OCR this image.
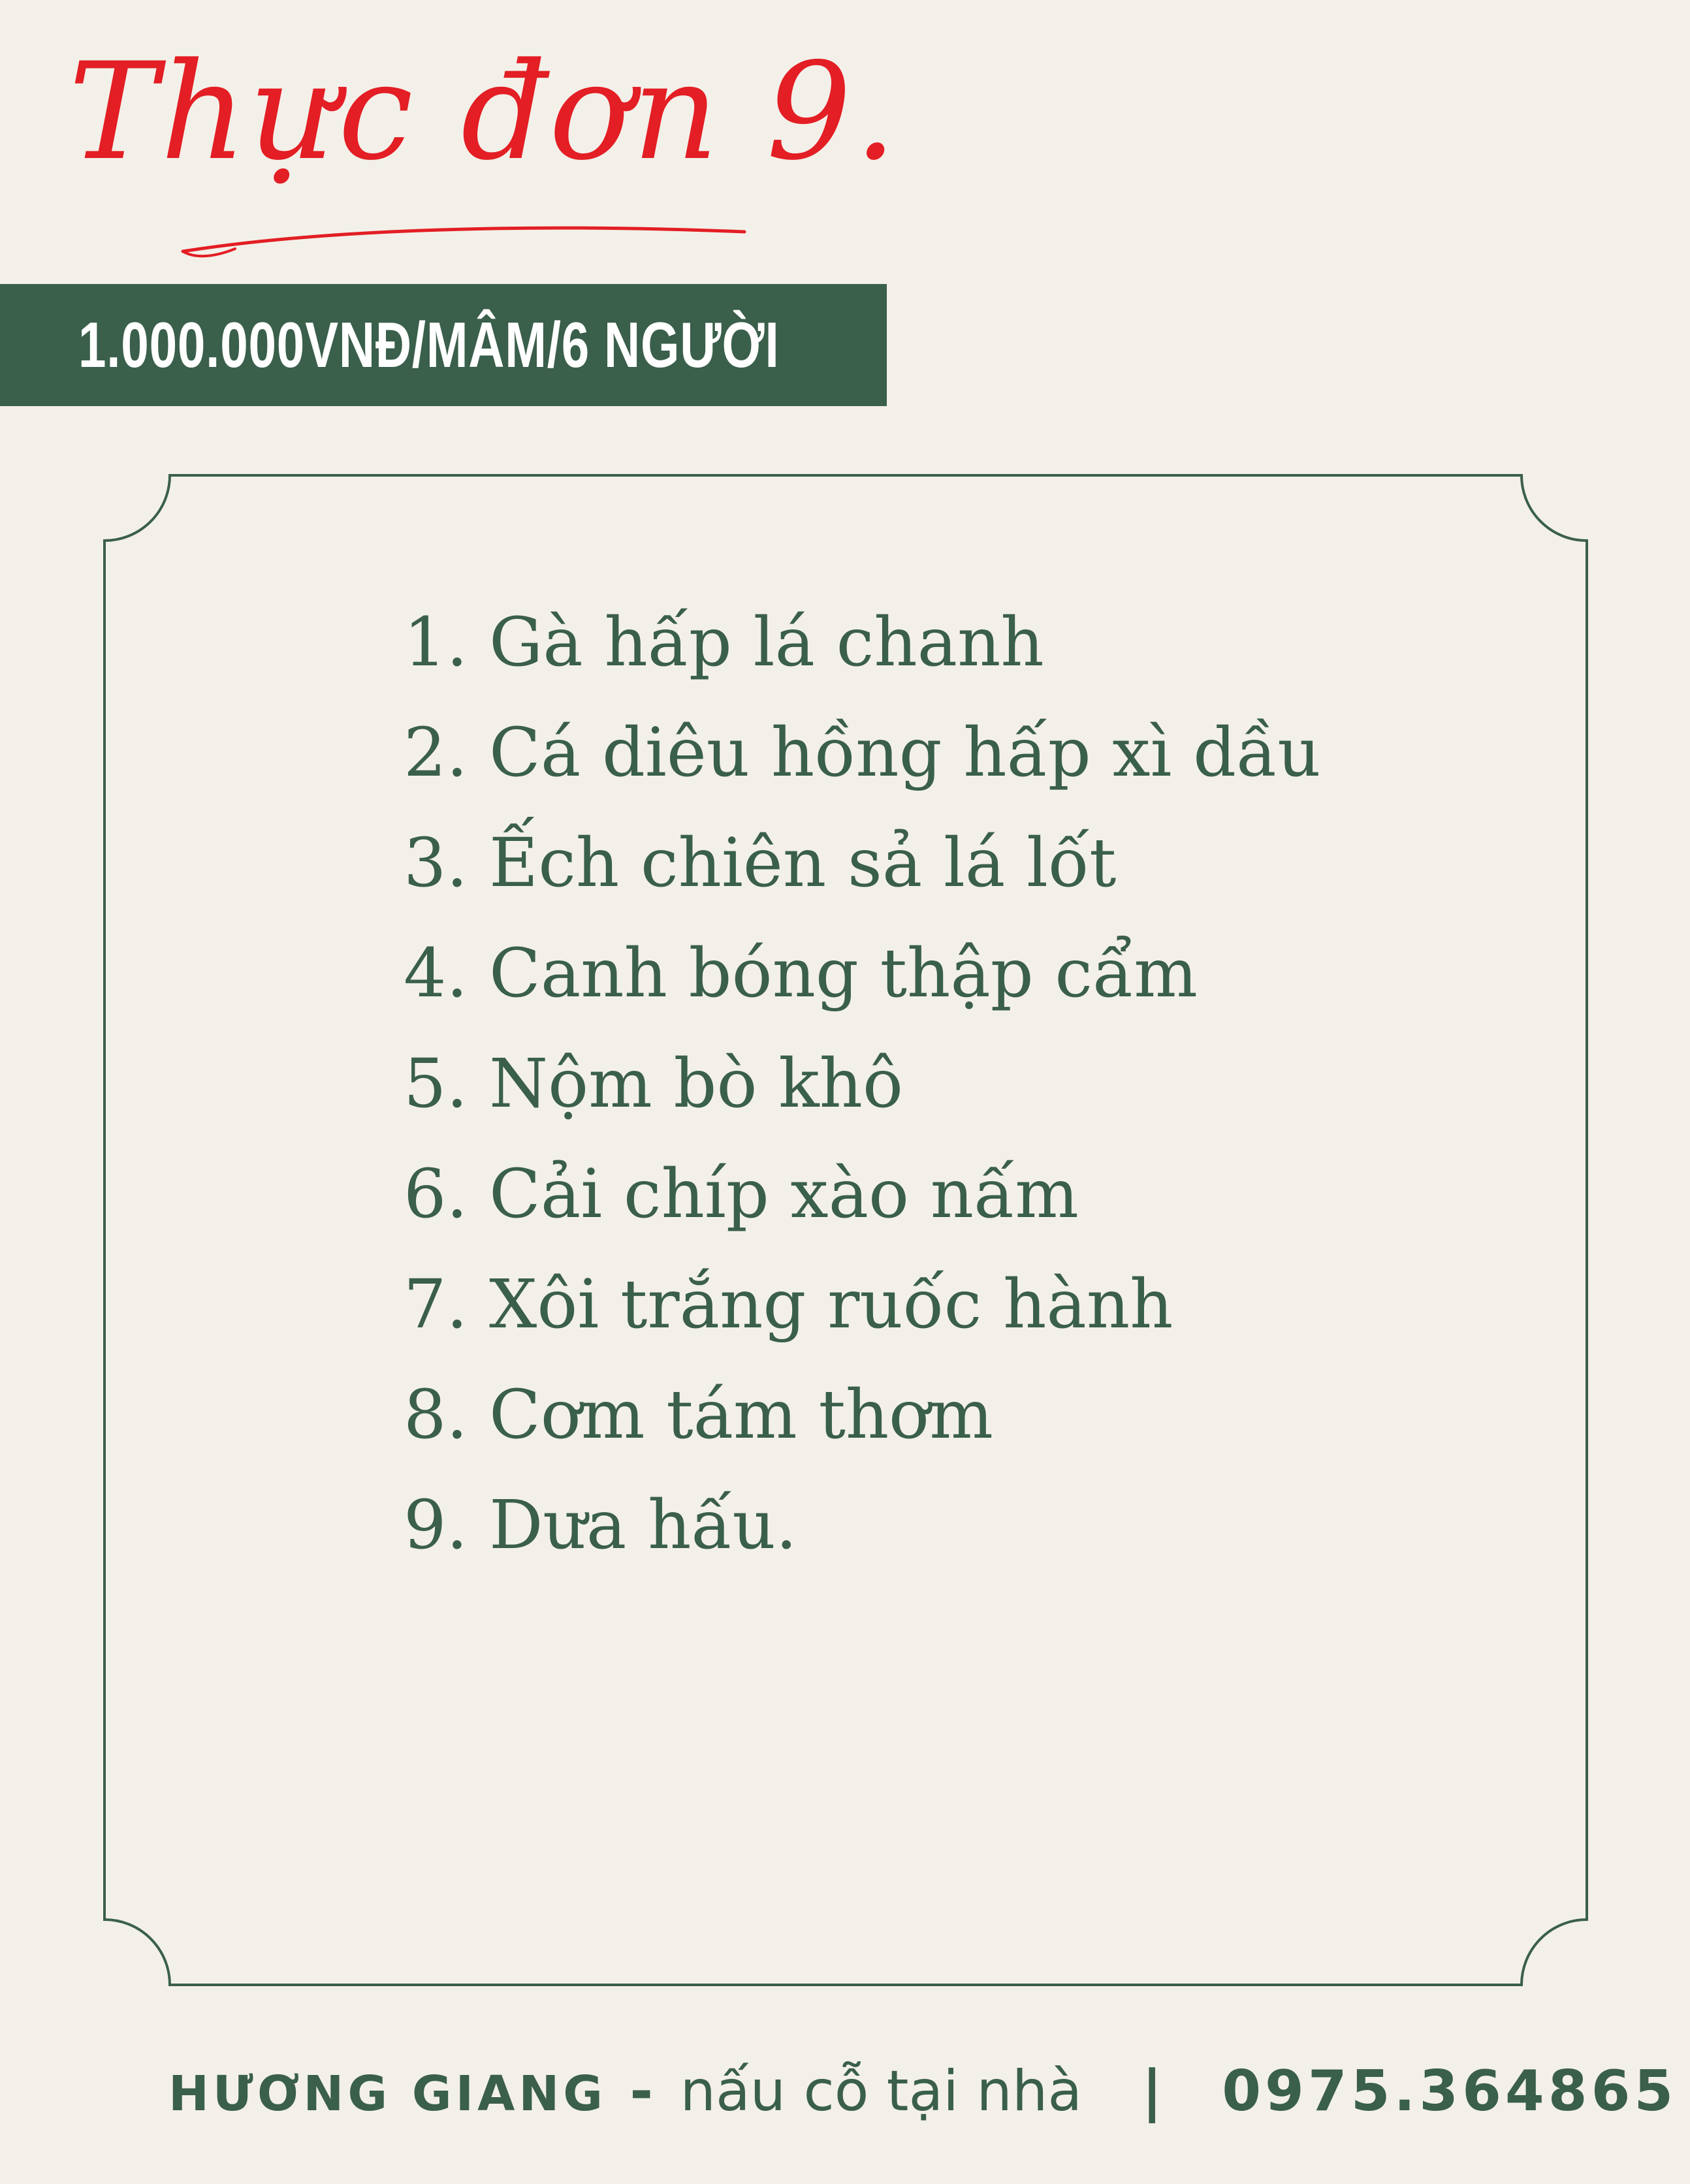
Thực đơn 9.
1.000.000VNĐ/MÂM/6 NGƯỜI
1. Gà hấp lá chanh
2. Cá diêu hồng hấp xì dầu
3. Ếch chiên sả lá lốt
4. Canh bóng thập cẩm
5. Nộm bò khô
6. Cải chíp xào nấm
7. Xôi trắng ruốc hành
8. Cơm tám thơm
9. Dưa hấu.
HƯƠNG GIANG - nấu cỗ tại nhà | 0975.364865
